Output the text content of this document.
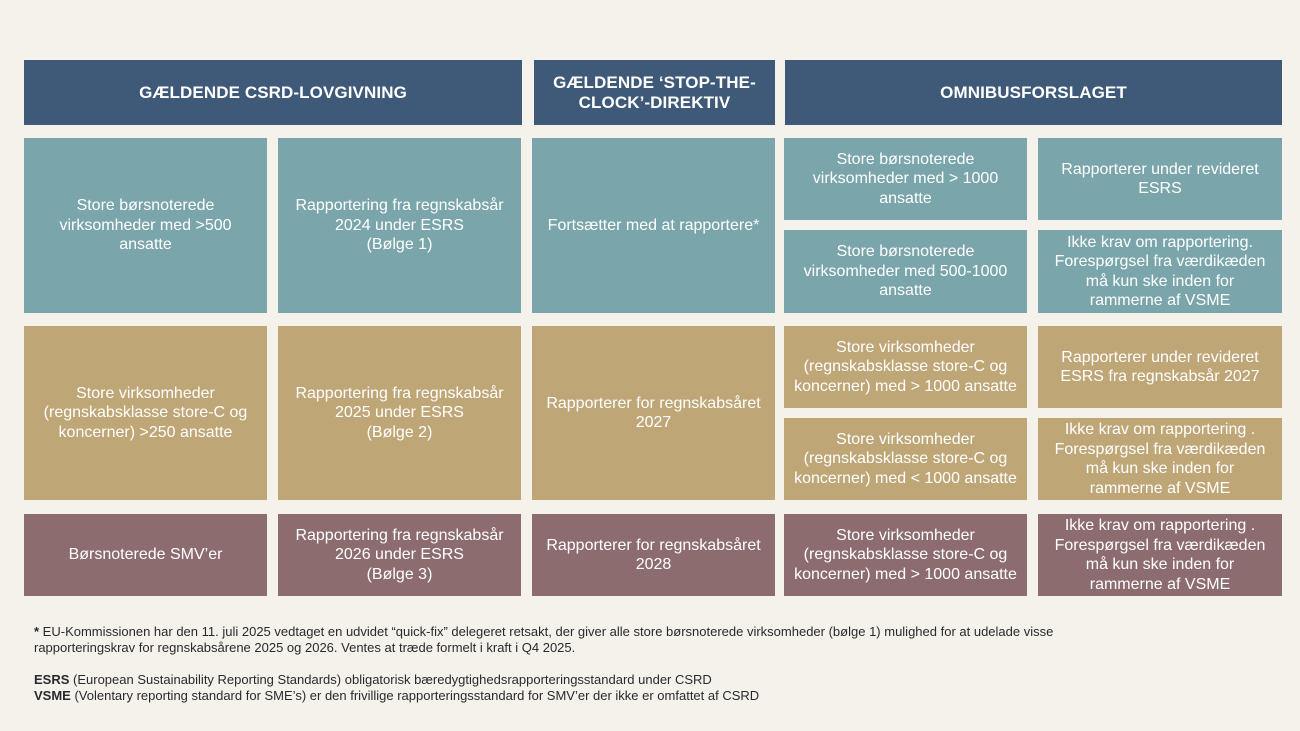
GÆLDENDE CSRD-LOVGIVNING
GÆLDENDE ‘STOP-THE-
CLOCK’-DIREKTIV
OMNIBUSFORSLAGET
Store børsnoterede
virksomheder med >500
ansatte
Rapportering fra regnskabsår
2024 under ESRS
(Bølge 1)
Fortsætter med at rapportere*
Store børsnoterede
virksomheder med > 1000
ansatte
Rapporterer under revideret
ESRS
Store børsnoterede
virksomheder med 500-1000
ansatte
Ikke krav om rapportering.
Forespørgsel fra værdikæden
må kun ske inden for
rammerne af VSME
Store virksomheder
(regnskabsklasse store-C og
koncerner) >250 ansatte
Rapportering fra regnskabsår
2025 under ESRS
(Bølge 2)
Rapporterer for regnskabsåret
2027
Store virksomheder
(regnskabsklasse store-C og
koncerner) med > 1000 ansatte
Rapporterer under revideret
ESRS fra regnskabsår 2027
Store virksomheder
(regnskabsklasse store-C og
koncerner) med < 1000 ansatte
Ikke krav om rapportering .
Forespørgsel fra værdikæden
må kun ske inden for
rammerne af VSME
Børsnoterede SMV’er
Rapportering fra regnskabsår
2026 under ESRS
(Bølge 3)
Rapporterer for regnskabsåret
2028
Store virksomheder
(regnskabsklasse store-C og
koncerner) med > 1000 ansatte
Ikke krav om rapportering .
Forespørgsel fra værdikæden
må kun ske inden for
rammerne af VSME
* EU-Kommissionen har den 11. juli 2025 vedtaget en udvidet “quick-fix” delegeret retsakt, der giver alle store børsnoterede virksomheder (bølge 1) mulighed for at udelade visse rapporteringskrav for regnskabsårene 2025 og 2026. Ventes at træde formelt i kraft i Q4 2025.
ESRS (European Sustainability Reporting Standards) obligatorisk bæredygtighedsrapporteringsstandard under CSRD
VSME (Volentary reporting standard for SME’s) er den frivillige rapporteringsstandard for SMV’er der ikke er omfattet af CSRD
